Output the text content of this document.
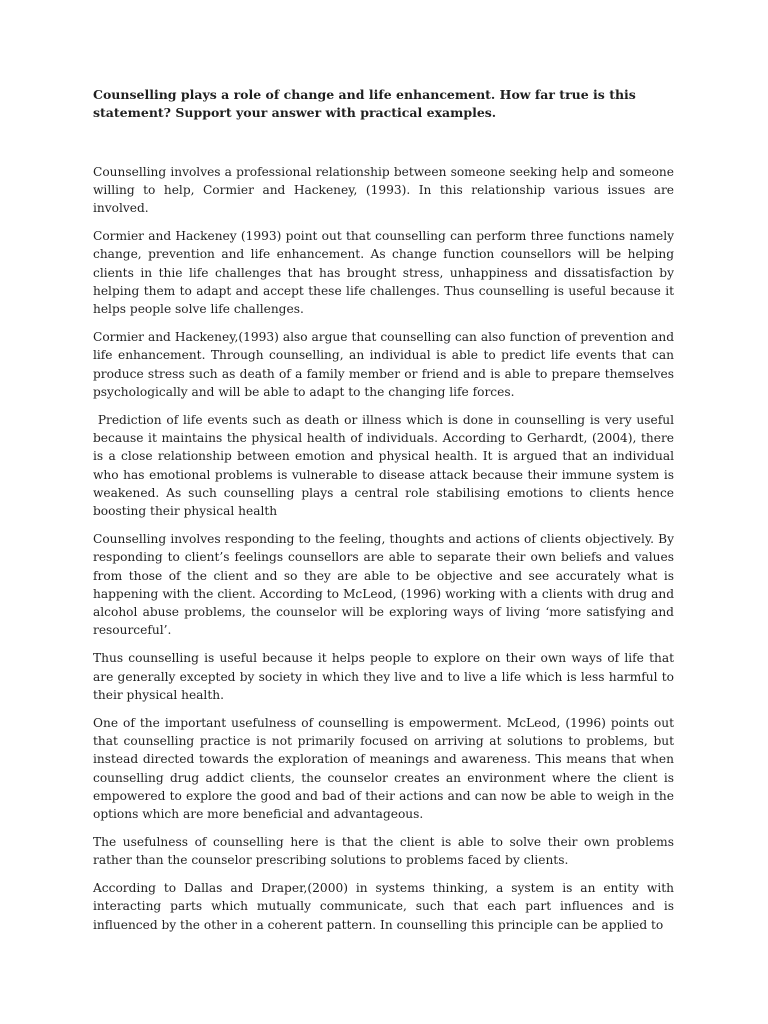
Counselling plays a role of change and life enhancement. How far true is this statement? Support your answer with practical examples.

Counselling involves a professional relationship between someone seeking help and someone willing to help, Cormier and Hackeney, (1993). In this relationship various issues are involved.

Cormier and Hackeney (1993) point out that counselling can perform three functions namely change, prevention and life enhancement. As change function counsellors will be helping clients in thie life challenges that has brought stress, unhappiness and dissatisfaction by helping them to adapt and accept these life challenges. Thus counselling is useful because it helps people solve life challenges.

Cormier and Hackeney,(1993) also argue that counselling can also function of prevention and life enhancement. Through counselling, an individual is able to predict life events that can produce stress such as death of a family member or friend and is able to prepare themselves psychologically and will be able to adapt to the changing life forces.

Prediction of life events such as death or illness which is done in counselling is very useful because it maintains the physical health of individuals. According to Gerhardt, (2004), there is a close relationship between emotion and physical health. It is argued that an individual who has emotional problems is vulnerable to disease attack because their immune system is weakened. As such counselling plays a central role stabilising emotions to clients hence boosting their physical health

Counselling involves responding to the feeling, thoughts and actions of clients objectively. By responding to client’s feelings counsellors are able to separate their own beliefs and values from those of the client and so they are able to be objective and see accurately what is happening with the client. According to McLeod, (1996) working with a clients with drug and alcohol abuse problems, the counselor will be exploring ways of living ‘more satisfying and resourceful’.

Thus counselling is useful because it helps people to explore on their own ways of life that are generally excepted by society in which they live and to live a life which is less harmful to their physical health.

One of the important usefulness of counselling is empowerment. McLeod, (1996) points out that counselling practice is not primarily focused on arriving at solutions to problems, but instead directed towards the exploration of meanings and awareness. This means that when counselling drug addict clients, the counselor creates an environment where the client is empowered to explore the good and bad of their actions and can now be able to weigh in the options which are more beneficial and advantageous.

The usefulness of counselling here is that the client is able to solve their own problems rather than the counselor prescribing solutions to problems faced by clients.

According to Dallas and Draper,(2000) in systems thinking, a system is an entity with interacting parts which mutually communicate, such that each part influences and is influenced by the other in a coherent pattern. In counselling this principle can be applied to
